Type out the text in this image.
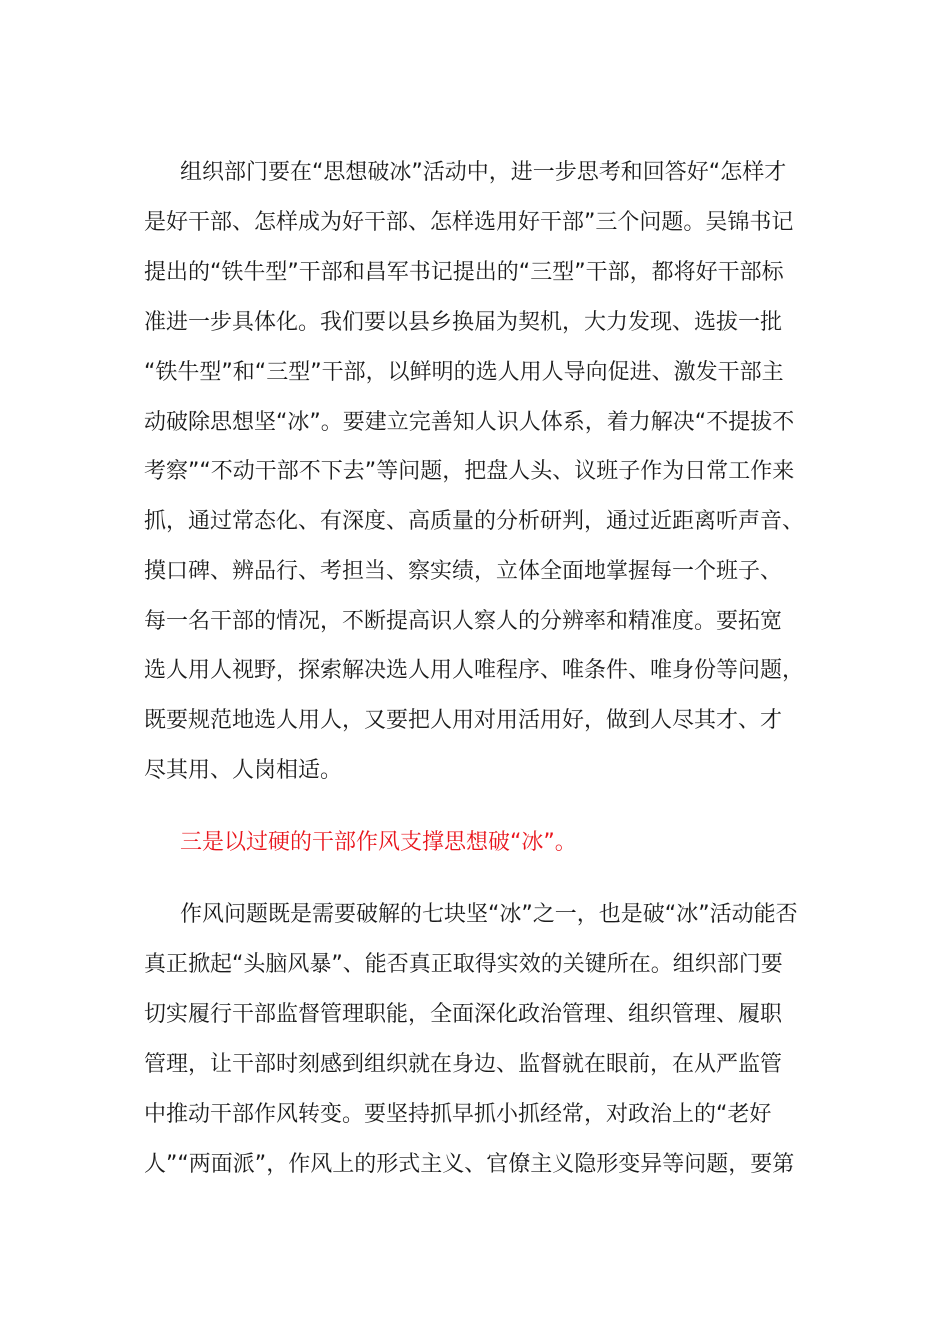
组织部门要在“思想破冰”活动中，进一步思考和回答好“怎样才
是好干部、怎样成为好干部、怎样选用好干部”三个问题。吴锦书记
提出的“铁牛型”干部和昌军书记提出的“三型”干部，都将好干部标
准进一步具体化。我们要以县乡换届为契机，大力发现、选拔一批
“铁牛型”和“三型”干部，以鲜明的选人用人导向促进、激发干部主
动破除思想坚“冰”。要建立完善知人识人体系，着力解决“不提拔不
考察”“不动干部不下去”等问题，把盘人头、议班子作为日常工作来
抓，通过常态化、有深度、高质量的分析研判，通过近距离听声音、
摸口碑、辨品行、考担当、察实绩，立体全面地掌握每一个班子、
每一名干部的情况，不断提高识人察人的分辨率和精准度。要拓宽
选人用人视野，探索解决选人用人唯程序、唯条件、唯身份等问题，
既要规范地选人用人，又要把人用对用活用好，做到人尽其才、才
尽其用、人岗相适。
三是以过硬的干部作风支撑思想破“冰”。
作风问题既是需要破解的七块坚“冰”之一，也是破“冰”活动能否
真正掀起“头脑风暴”、能否真正取得实效的关键所在。组织部门要
切实履行干部监督管理职能，全面深化政治管理、组织管理、履职
管理，让干部时刻感到组织就在身边、监督就在眼前，在从严监管
中推动干部作风转变。要坚持抓早抓小抓经常，对政治上的“老好
人”“两面派”，作风上的形式主义、官僚主义隐形变异等问题，要第
